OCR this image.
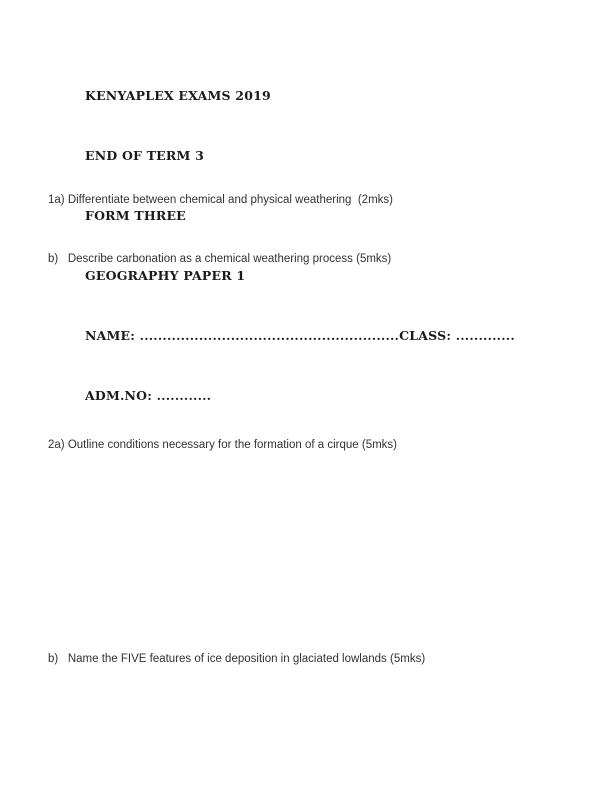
KENYAPLEX EXAMS 2019

END OF TERM 3

FORM THREE

GEOGRAPHY PAPER 1

NAME: .........................................................CLASS: .............

ADM.NO: ............

1a) Differentiate between chemical and physical weathering  (2mks)
b)   Describe carbonation as a chemical weathering process (5mks)
2a) Outline conditions necessary for the formation of a cirque (5mks)
b)   Name the FIVE features of ice deposition in glaciated lowlands (5mks)
